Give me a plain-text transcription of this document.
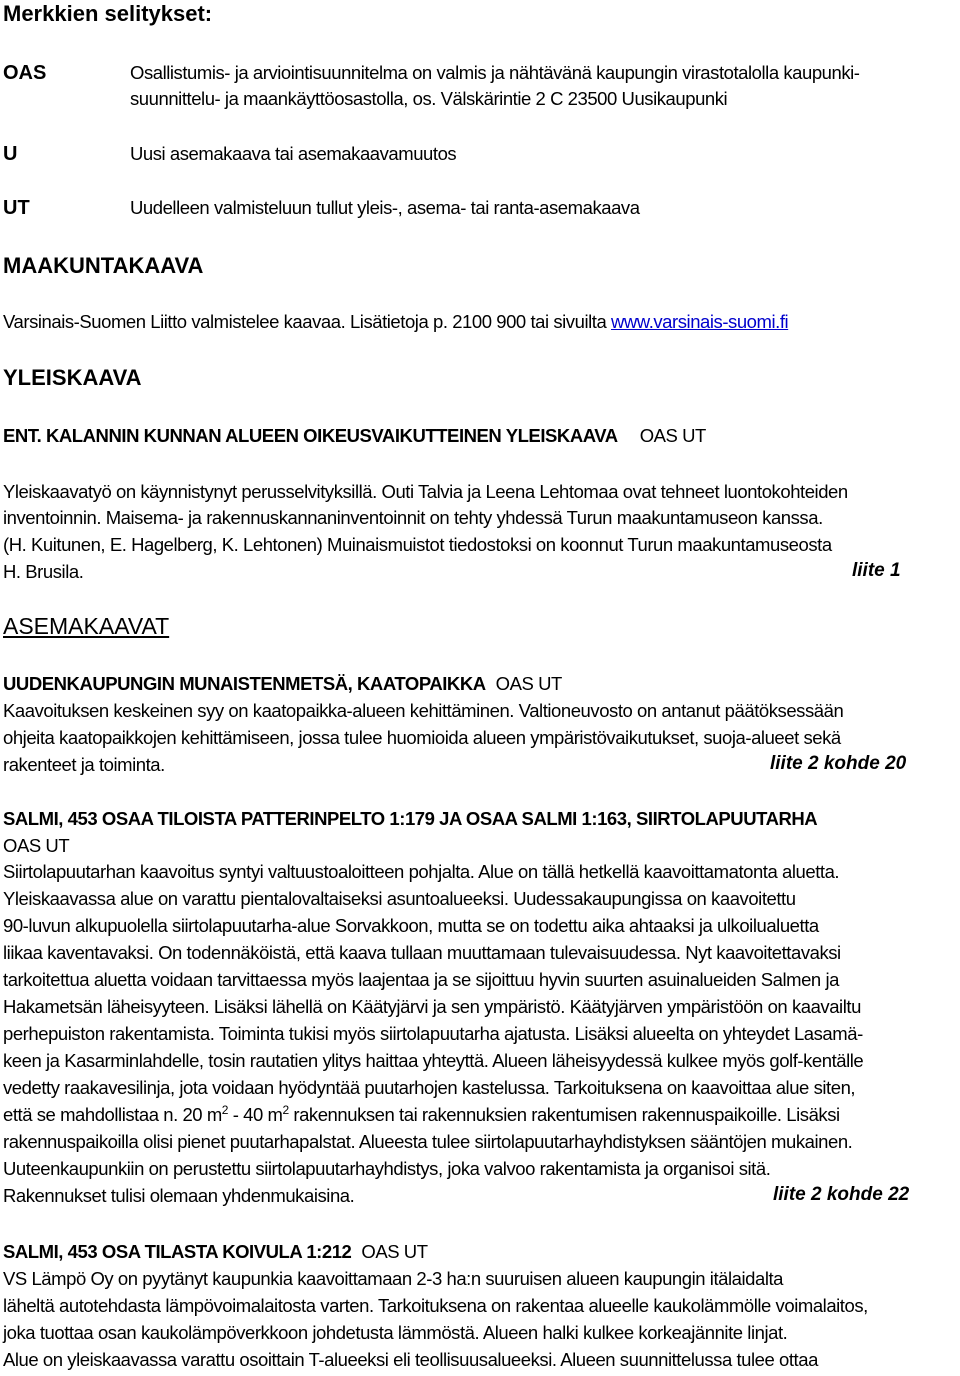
Merkkien selitykset:
OAS	Osallistumis- ja arviointisuunnitelma on valmis ja nähtävänä kaupungin virastotalolla kaupunki-
suunnittelu- ja maankäyttöosastolla, os. Välskärintie 2 C 23500 Uusikaupunki
U	Uusi asemakaava tai asemakaavamuutos
UT	Uudelleen valmisteluun tullut yleis-, asema- tai ranta-asemakaava
MAAKUNTAKAAVA
Varsinais-Suomen Liitto valmistelee kaavaa. Lisätietoja p. 2100 900 tai sivuilta www.varsinais-suomi.fi
YLEISKAAVA
ENT. KALANNIN KUNNAN ALUEEN OIKEUSVAIKUTTEINEN YLEISKAAVA OAS UT
Yleiskaavatyö on käynnistynyt perusselvityksillä. Outi Talvia ja Leena Lehtomaa ovat tehneet luontokohteiden
inventoinnin. Maisema- ja rakennuskannaninventoinnit on tehty yhdessä Turun maakuntamuseon kanssa.
(H. Kuitunen, E. Hagelberg, K. Lehtonen) Muinaismuistot tiedostoksi on koonnut Turun maakuntamuseosta
H. Brusila.	liite 1
ASEMAKAAVAT
UUDENKAUPUNGIN MUNAISTENMETSÄ, KAATOPAIKKA OAS UT
Kaavoituksen keskeinen syy on kaatopaikka-alueen kehittäminen. Valtioneuvosto on antanut päätöksessään
ohjeita kaatopaikkojen kehittämiseen, jossa tulee huomioida alueen ympäristövaikutukset, suoja-alueet sekä
rakenteet ja toiminta.	liite 2 kohde 20
SALMI, 453 OSAA TILOISTA PATTERINPELTO 1:179 JA OSAA SALMI 1:163, SIIRTOLAPUUTARHA
OAS UT
Siirtolapuutarhan kaavoitus syntyi valtuustoaloitteen pohjalta. Alue on tällä hetkellä kaavoittamatonta aluetta.
Yleiskaavassa alue on varattu pientalovaltaiseksi asuntoalueeksi. Uudessakaupungissa on kaavoitettu
90-luvun alkupuolella siirtolapuutarha-alue Sorvakkoon, mutta se on todettu aika ahtaaksi ja ulkoilualuetta
liikaa kaventavaksi. On todennäköistä, että kaava tullaan muuttamaan tulevaisuudessa. Nyt kaavoitettavaksi
tarkoitettua aluetta voidaan tarvittaessa myös laajentaa ja se sijoittuu hyvin suurten asuinalueiden Salmen ja
Hakametsän läheisyyteen. Lisäksi lähellä on Käätyjärvi ja sen ympäristö. Käätyjärven ympäristöön on kaavailtu
perhepuiston rakentamista. Toiminta tukisi myös siirtolapuutarha ajatusta. Lisäksi alueelta on yhteydet Lasamä-
keen ja Kasarminlahdelle, tosin rautatien ylitys haittaa yhteyttä. Alueen läheisyydessä kulkee myös golf-kentälle
vedetty raakavesilinja, jota voidaan hyödyntää puutarhojen kastelussa. Tarkoituksena on kaavoittaa alue siten,
että se mahdollistaa n. 20 $m^2 - 40$ $m^2$ rakennuksen tai rakennuksien rakentumisen rakennuspaikoille. Lisäksi
rakennuspaikoilla olisi pienet puutarhapalstat. Alueesta tulee siirtolapuutarhayhdistyksen sääntöjen mukainen.
Uuteenkaupunkiin on perustettu siirtolapuutarhayhdistys, joka valvoo rakentamista ja organisoi sitä.
Rakennukset tulisi olemaan yhdenmukaisina.	liite 2 kohde 22
SALMI, 453 OSA TILASTA KOIVULA 1:212 OAS UT
VS Lämpö Oy on pyytänyt kaupunkia kaavoittamaan 2-3 ha:n suuruisen alueen kaupungin itälaidalta
läheltä autotehdasta lämpövoimalaitosta varten. Tarkoituksena on rakentaa alueelle kaukolämmölle voimalaitos,
joka tuottaa osan kaukolämpöverkkoon johdetusta lämmöstä. Alueen halki kulkee korkeajännite linjat.
Alue on yleiskaavassa varattu osoittain T-alueeksi eli teollisuusalueeksi. Alueen suunnittelussa tulee ottaa
